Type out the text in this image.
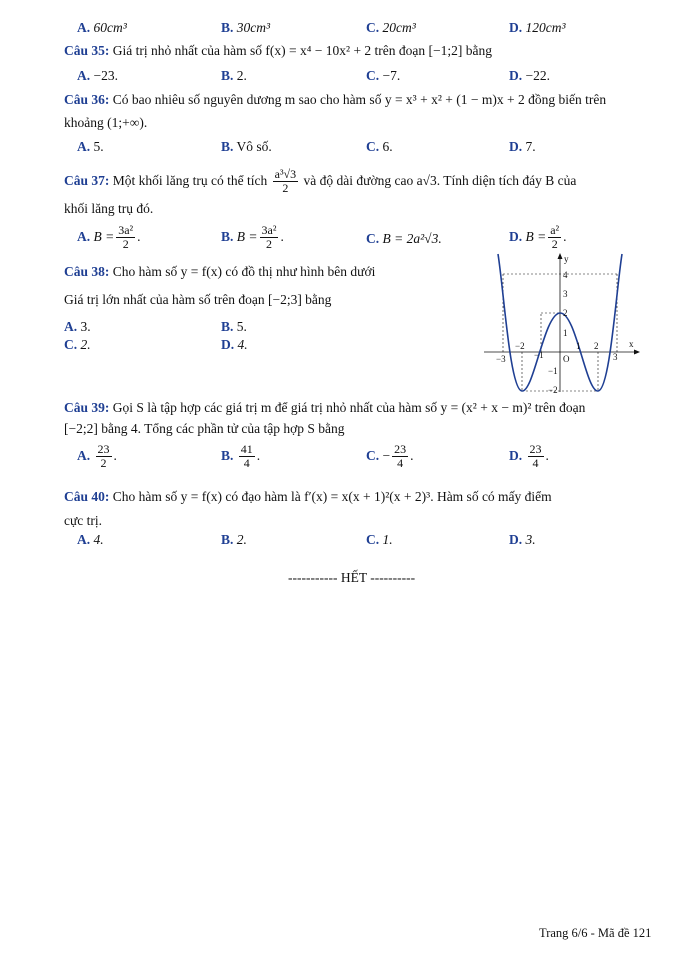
A. 60cm³	B. 30cm³	C. 20cm³	D. 120cm³
Câu 35: Giá trị nhỏ nhất của hàm số f(x) = x⁴ − 10x² + 2 trên đoạn [−1;2] bằng
A. −23.	B. 2.	C. −7.	D. −22.
Câu 36: Có bao nhiêu số nguyên dương m sao cho hàm số y = x³ + x² + (1 − m)x + 2 đồng biến trên
khoảng (1;+∞).
A. 5.	B. Vô số.	C. 6.	D. 7.
Câu 37: Một khối lăng trụ có thể tích $\frac{\text{a³√3}}{2}$ và độ dài đường cao a√3. Tính diện tích đáy B của
khối lăng trụ đó.
A. $B = \frac{\text{3a²}}{2}$ .	B. $B = \frac{\text{3a²}}{2}$ .	C. B = 2a²√3.	D. $B = \frac{\text{a²}}{2}$ .
Câu 38: Cho hàm số y = f(x) có đồ thị như hình bên dưới
Giá trị lớn nhất của hàm số trên đoạn [−2;3] bằng
A. 3.	B. 5.
C. 2.	D. 4.
y
x
O
4
3
2
1
−1
−2
−3
−2
−1
1 2
3
Câu 39: Gọi S là tập hợp các giá trị m để giá trị nhỏ nhất của hàm số y = (x² + x − m)² trên đoạn
[−2;2] bằng 4. Tổng các phần tử của tập hợp S bằng
A. $\frac{23}{2}$ .	B. $\frac{41}{4}$ .	C. − $\frac{23}{4}$ .	D. $\frac{23}{4}$ .
Câu 40: Cho hàm số y = f(x) có đạo hàm là f′(x) = x(x + 1)²(x + 2)³. Hàm số có mấy điểm
cực trị.
A. 4.	B. 2.	C. 1.	D. 3.
----------- HẾT ----------
Trang 6/6 - Mã đề 121
